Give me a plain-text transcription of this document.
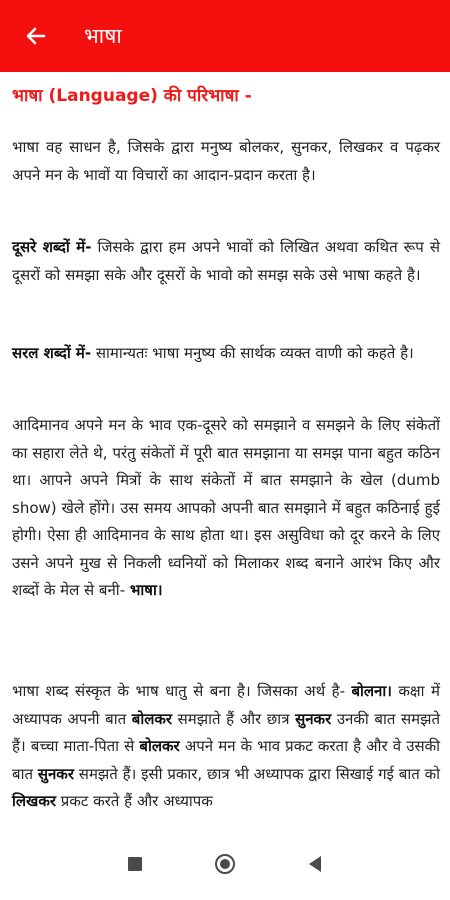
भाषा
भाषा (Language) की परिभाषा -
भाषा वह साधन है, जिसके द्वारा मनुष्य बोलकर, सुनकर, लिखकर व पढ़कर अपने मन के भावों या विचारों का आदान-प्रदान करता है।
दूसरे शब्दों में- जिसके द्वारा हम अपने भावों को लिखित अथवा कथित रूप से दूसरों को समझा सके और दूसरों के भावो को समझ सके उसे भाषा कहते है।
सरल शब्दों में- सामान्यतः भाषा मनुष्य की सार्थक व्यक्त वाणी को कहते है।
आदिमानव अपने मन के भाव एक-दूसरे को समझाने व समझने के लिए संकेतों का सहारा लेते थे, परंतु संकेतों में पूरी बात समझाना या समझ पाना बहुत कठिन था। आपने अपने मित्रों के साथ संकेतों में बात समझाने के खेल (dumb show) खेले होंगे। उस समय आपको अपनी बात समझाने में बहुत कठिनाई हुई होगी। ऐसा ही आदिमानव के साथ होता था। इस असुविधा को दूर करने के लिए उसने अपने मुख से निकली ध्वनियों को मिलाकर शब्द बनाने आरंभ किए और शब्दों के मेल से बनी- भाषा।
भाषा शब्द संस्कृत के भाष धातु से बना है। जिसका अर्थ है- बोलना। कक्षा में अध्यापक अपनी बात बोलकर समझाते हैं और छात्र सुनकर उनकी बात समझते हैं। बच्चा माता-पिता से बोलकर अपने मन के भाव प्रकट करता है और वे उसकी बात सुनकर समझते हैं। इसी प्रकार, छात्र भी अध्यापक द्वारा सिखाई गई बात को लिखकर प्रकट करते हैं और अध्यापक
